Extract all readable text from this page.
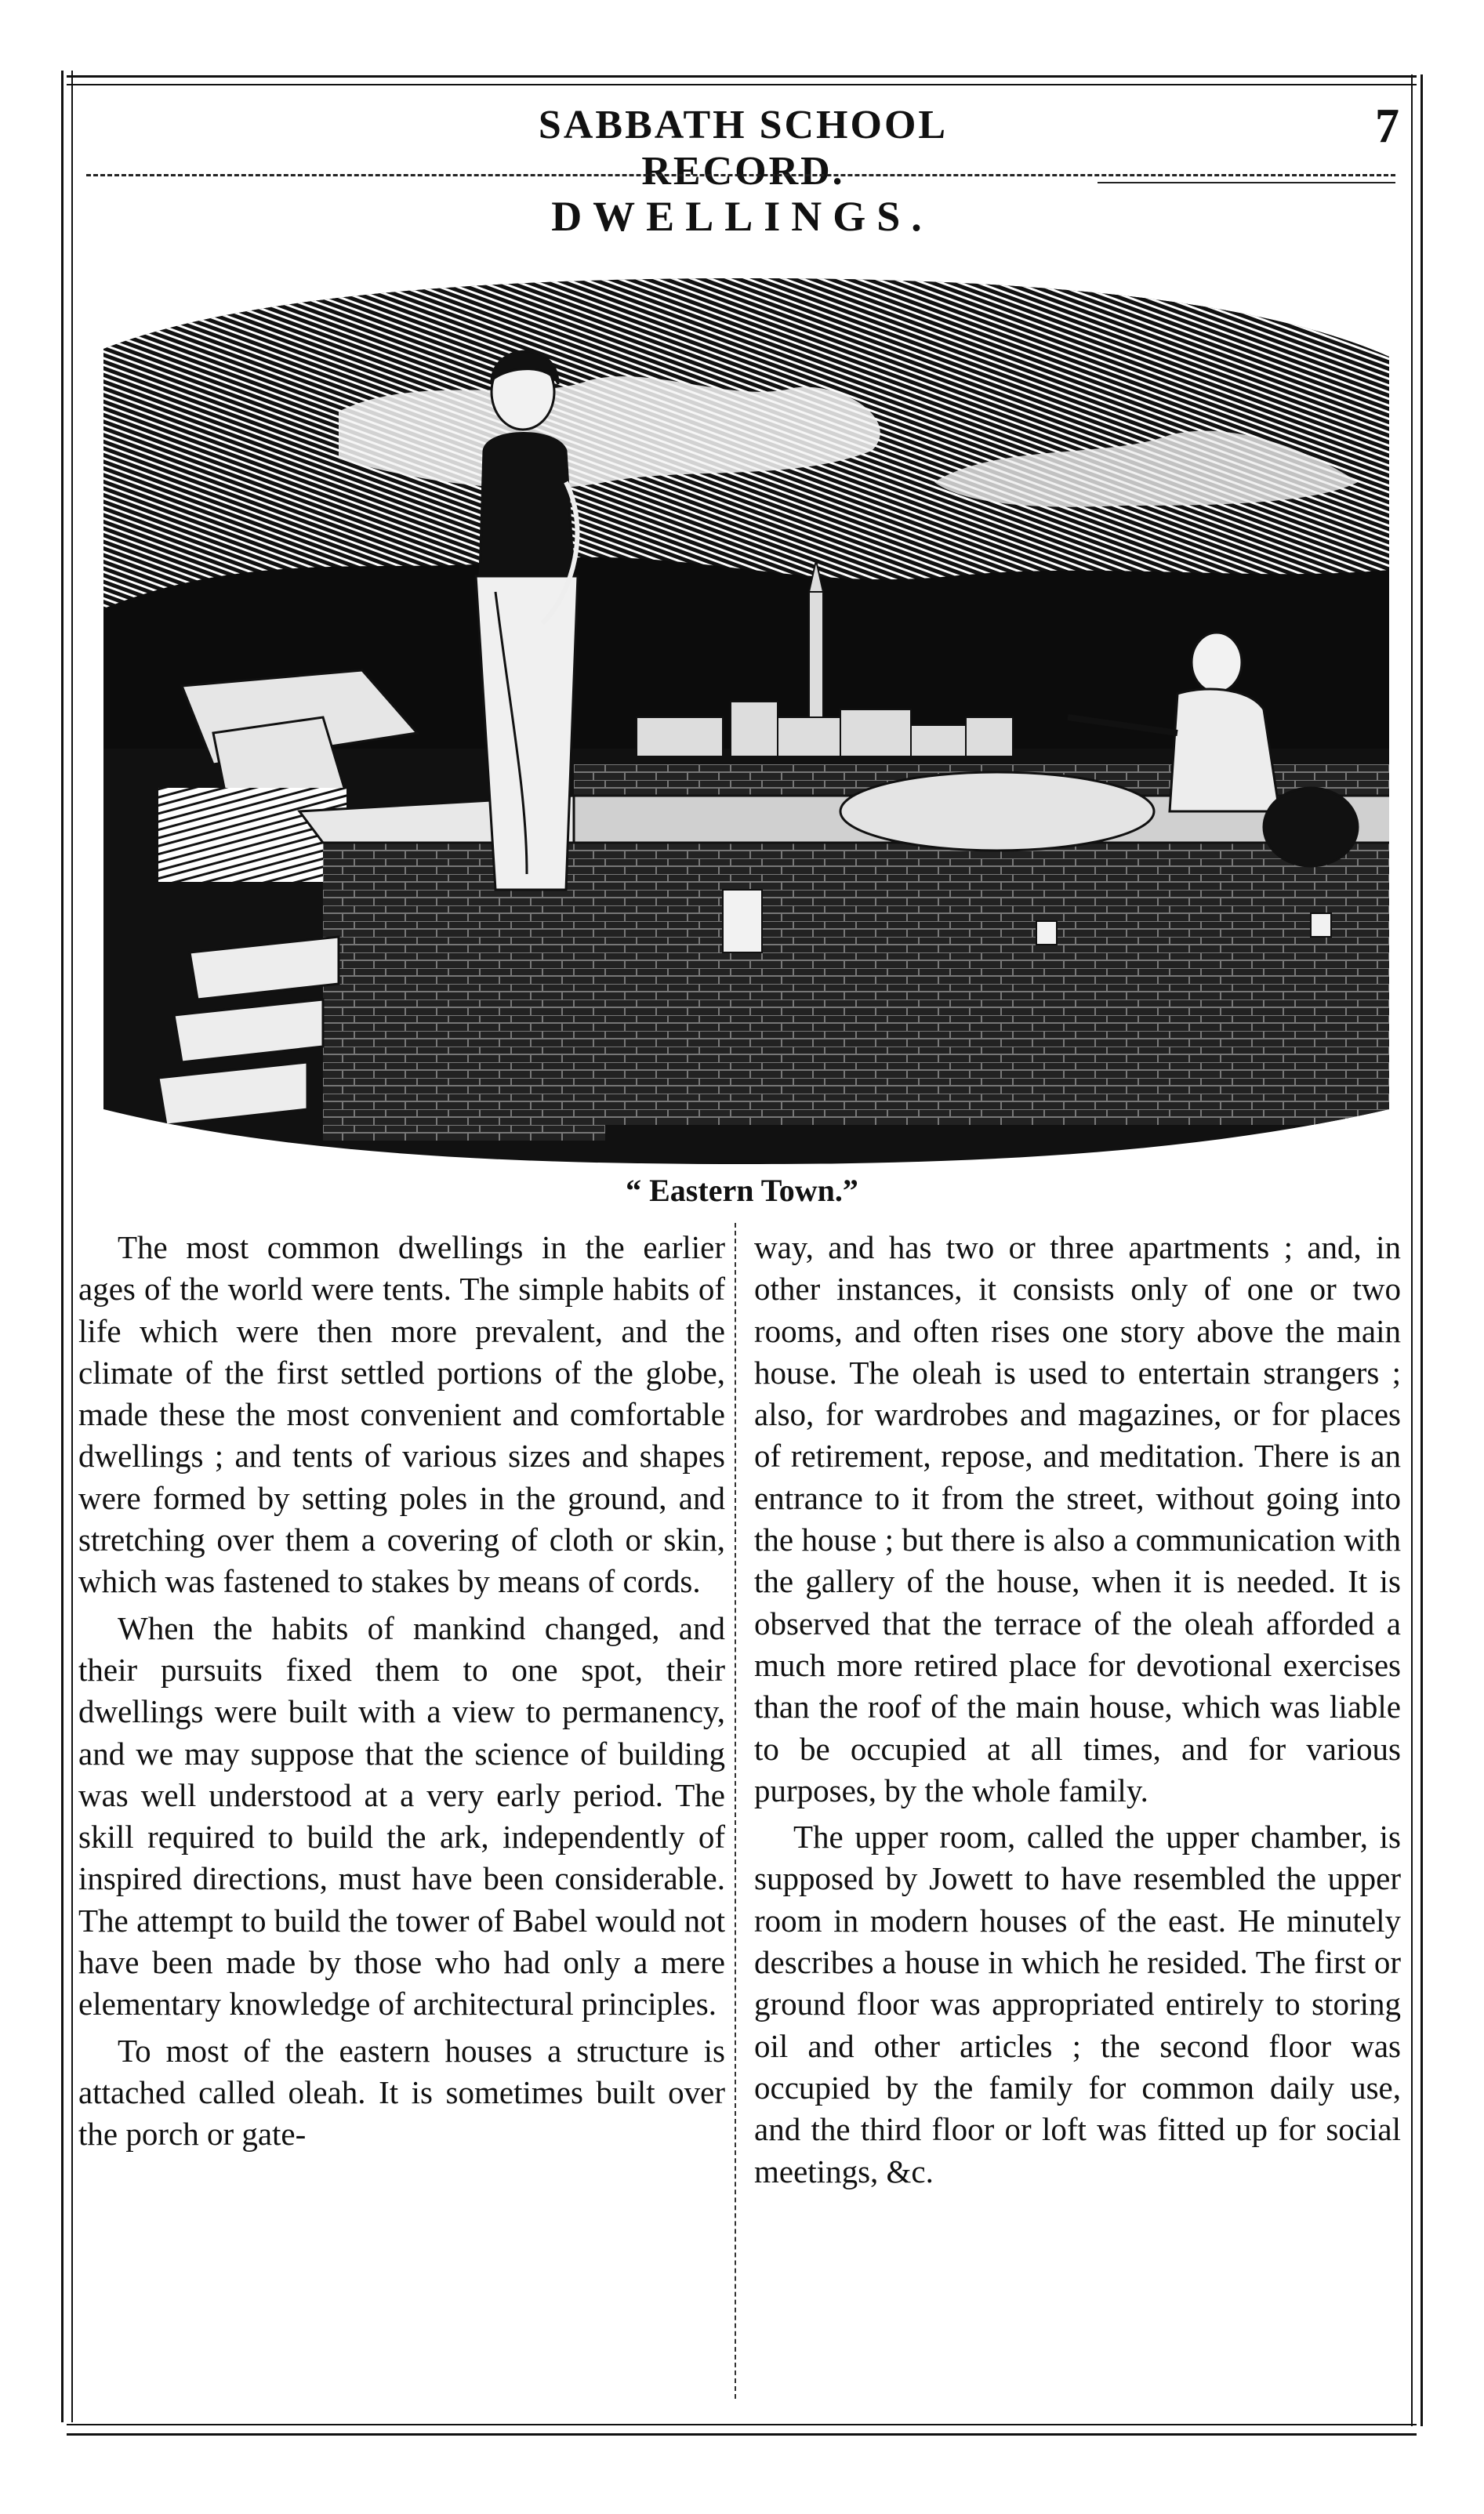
SABBATH SCHOOL RECORD.
7
DWELLINGS.
“ Eastern Town.”

The most common dwellings in the earlier ages of the world were tents. The simple habits of life which were then more prevalent, and the climate of the first settled portions of the globe, made these the most convenient and comfortable dwellings ; and tents of various sizes and shapes were formed by setting poles in the ground, and stretching over them a covering of cloth or skin, which was fastened to stakes by means of cords.

When the habits of mankind changed, and their pursuits fixed them to one spot, their dwellings were built with a view to permanency, and we may suppose that the science of building was well understood at a very early period. The skill required to build the ark, independently of inspired directions, must have been considerable. The attempt to build the tower of Babel would not have been made by those who had only a mere elementary knowledge of architectural principles.

To most of the eastern houses a structure is attached called oleah. It is sometimes built over the porch or gate-

way, and has two or three apartments ; and, in other instances, it consists only of one or two rooms, and often rises one story above the main house. The oleah is used to entertain strangers ; also, for wardrobes and magazines, or for places of retirement, repose, and meditation. There is an entrance to it from the street, without going into the house ; but there is also a communication with the gallery of the house, when it is needed. It is observed that the terrace of the oleah afforded a much more retired place for devotional exercises than the roof of the main house, which was liable to be occupied at all times, and for various purposes, by the whole family.

The upper room, called the upper chamber, is supposed by Jowett to have resembled the upper room in modern houses of the east. He minutely describes a house in which he resided. The first or ground floor was appropriated entirely to storing oil and other articles ; the second floor was occupied by the family for common daily use, and the third floor or loft was fitted up for social meetings, &c.
